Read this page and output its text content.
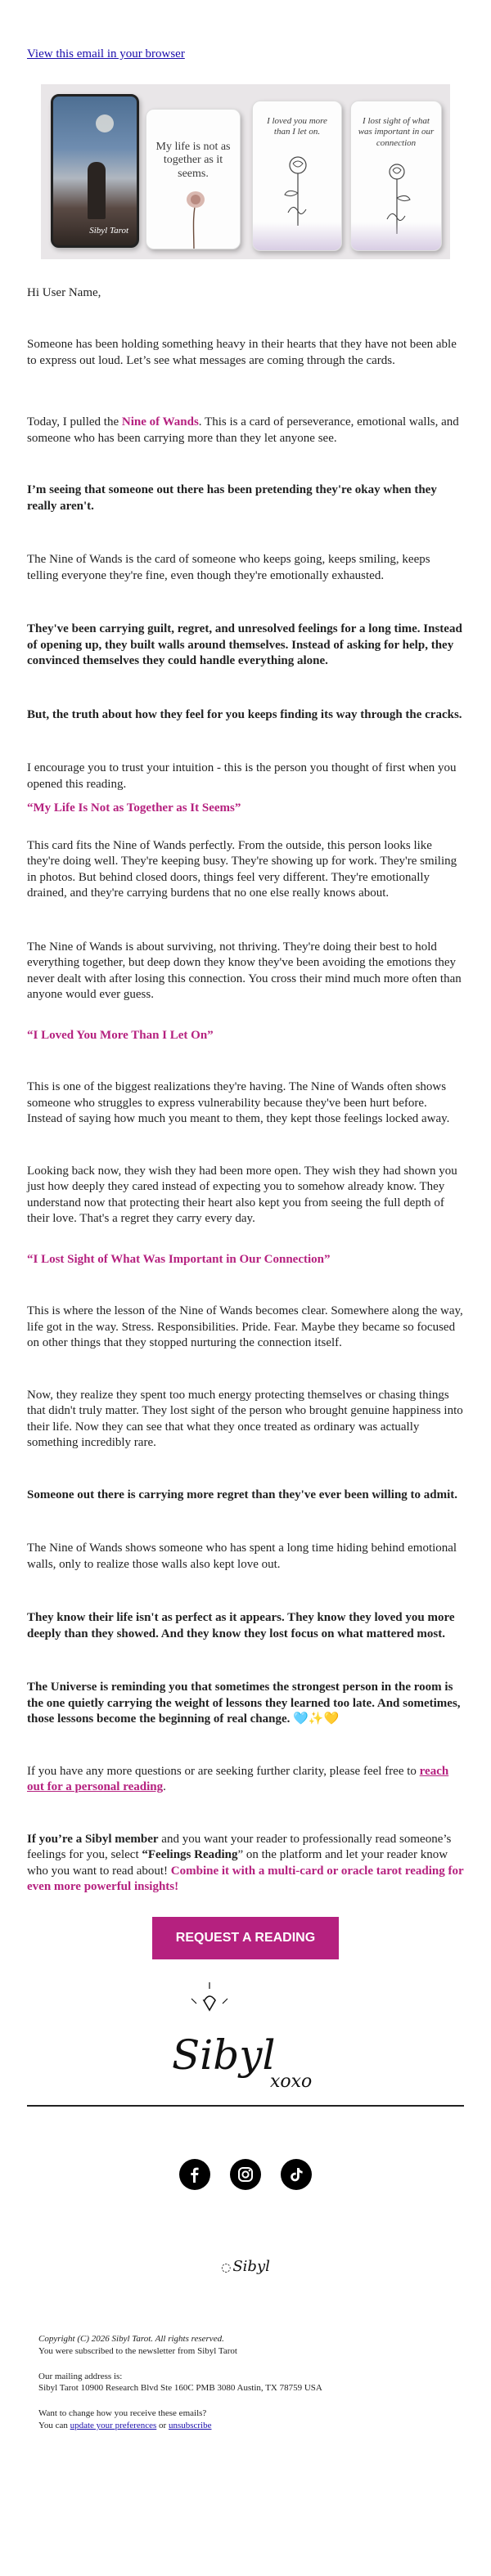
View this email in your browser
Sibyl Tarot
My life is not as together as it seems.
I loved you more than I let on.
I lost sight of what was important in our connection

Hi User Name,

Someone has been holding something heavy in their hearts that they have not been able to express out loud. Let’s see what messages are coming through the cards.

Today, I pulled the Nine of Wands. This is a card of perseverance, emotional walls, and someone who has been carrying more than they let anyone see.

I’m seeing that someone out there has been pretending they're okay when they really aren't.

The Nine of Wands is the card of someone who keeps going, keeps smiling, keeps telling everyone they're fine, even though they're emotionally exhausted.

They've been carrying guilt, regret, and unresolved feelings for a long time. Instead of opening up, they built walls around themselves. Instead of asking for help, they convinced themselves they could handle everything alone.

But, the truth about how they feel for you keeps finding its way through the cracks.

I encourage you to trust your intuition - this is the person you thought of first when you opened this reading.

“My Life Is Not as Together as It Seems”

This card fits the Nine of Wands perfectly. From the outside, this person looks like they're doing well. They're keeping busy. They're showing up for work. They're smiling in photos. But behind closed doors, things feel very different. They're emotionally drained, and they're carrying burdens that no one else really knows about.

The Nine of Wands is about surviving, not thriving. They're doing their best to hold everything together, but deep down they know they've been avoiding the emotions they never dealt with after losing this connection. You cross their mind much more often than anyone would ever guess.

“I Loved You More Than I Let On”

This is one of the biggest realizations they're having. The Nine of Wands often shows someone who struggles to express vulnerability because they've been hurt before. Instead of saying how much you meant to them, they kept those feelings locked away.

Looking back now, they wish they had been more open. They wish they had shown you just how deeply they cared instead of expecting you to somehow already know. They understand now that protecting their heart also kept you from seeing the full depth of their love. That's a regret they carry every day.

“I Lost Sight of What Was Important in Our Connection”

This is where the lesson of the Nine of Wands becomes clear. Somewhere along the way, life got in the way. Stress. Responsibilities. Pride. Fear. Maybe they became so focused on other things that they stopped nurturing the connection itself.

Now, they realize they spent too much energy protecting themselves or chasing things that didn't truly matter. They lost sight of the person who brought genuine happiness into their life. Now they can see that what they once treated as ordinary was actually something incredibly rare.

Someone out there is carrying more regret than they've ever been willing to admit.

The Nine of Wands shows someone who has spent a long time hiding behind emotional walls, only to realize those walls also kept love out.

They know their life isn't as perfect as it appears. They know they loved you more deeply than they showed. And they know they lost focus on what mattered most.

The Universe is reminding you that sometimes the strongest person in the room is the one quietly carrying the weight of lessons they learned too late. And sometimes, those lessons become the beginning of real change. 🩵✨💛

If you have any more questions or are seeking further clarity, please feel free to reach out for a personal reading.

If you’re a Sibyl member and you want your reader to professionally read someone’s feelings for you, select “Feelings Reading” on the platform and let your reader know who you want to read about! Combine it with a multi-card or oracle tarot reading for even more powerful insights!

REQUEST A READING
Sibyl
xoxo

◌ Sibyl

Copyright (C) 2026 Sibyl Tarot. All rights reserved.

You were subscribed to the newsletter from Sibyl Tarot

Our mailing address is:

Sibyl Tarot 10900 Research Blvd Ste 160C PMB 3080 Austin, TX 78759 USA

Want to change how you receive these emails?

You can update your preferences or unsubscribe
